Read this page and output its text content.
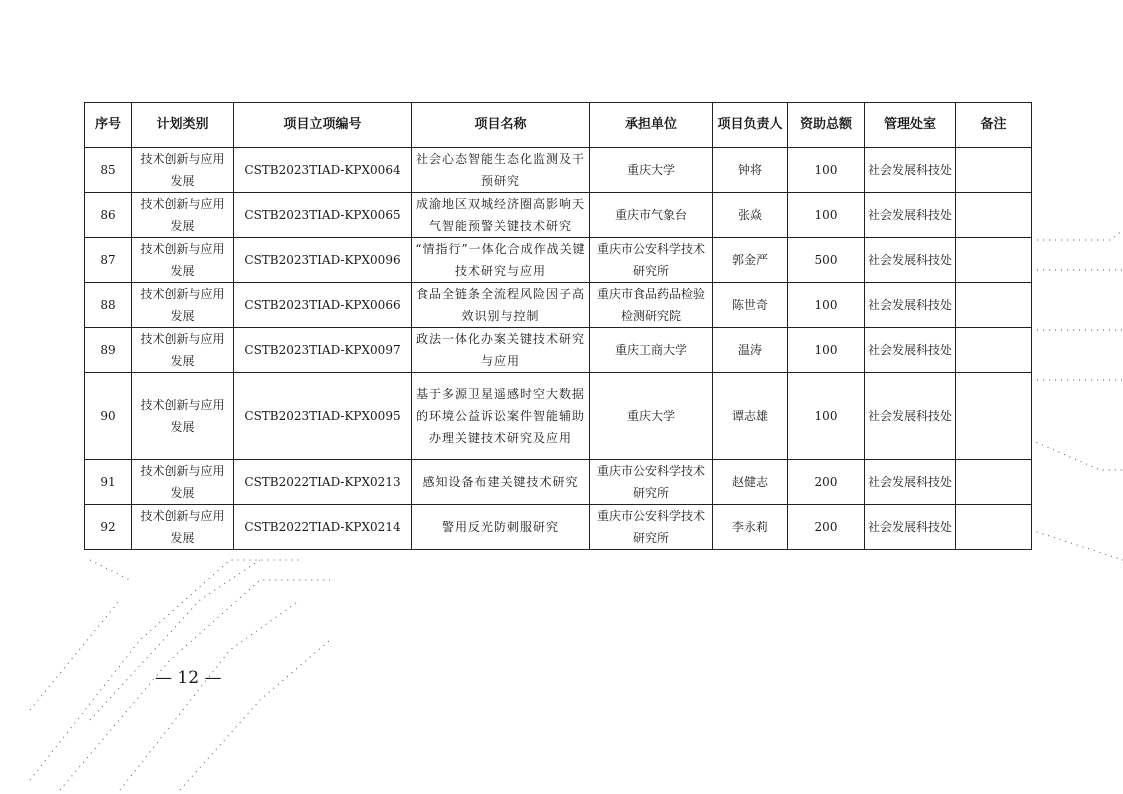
序号	计划类别	项目立项编号	项目名称	承担单位	项目负责人	资助总额	管理处室	备注
85	技术创新与应用发展	CSTB2023TIAD-KPX0064	社会心态智能生态化监测及干预研究	重庆大学	钟将	100	社会发展科技处	
86	技术创新与应用发展	CSTB2023TIAD-KPX0065	成渝地区双城经济圈高影响天气智能预警关键技术研究	重庆市气象台	张焱	100	社会发展科技处	
87	技术创新与应用发展	CSTB2023TIAD-KPX0096	“情指行”一体化合成作战关键技术研究与应用	重庆市公安科学技术研究所	郭金严	500	社会发展科技处	
88	技术创新与应用发展	CSTB2023TIAD-KPX0066	食品全链条全流程风险因子高效识别与控制	重庆市食品药品检验检测研究院	陈世奇	100	社会发展科技处	
89	技术创新与应用发展	CSTB2023TIAD-KPX0097	政法一体化办案关键技术研究与应用	重庆工商大学	温涛	100	社会发展科技处	
90	技术创新与应用发展	CSTB2023TIAD-KPX0095	基于多源卫星遥感时空大数据的环境公益诉讼案件智能辅助办理关键技术研究及应用	重庆大学	谭志雄	100	社会发展科技处	
91	技术创新与应用发展	CSTB2022TIAD-KPX0213	感知设备布建关键技术研究	重庆市公安科学技术研究所	赵健志	200	社会发展科技处	
92	技术创新与应用发展	CSTB2022TIAD-KPX0214	警用反光防刺服研究	重庆市公安科学技术研究所	李永莉	200	社会发展科技处	
— 12 —
